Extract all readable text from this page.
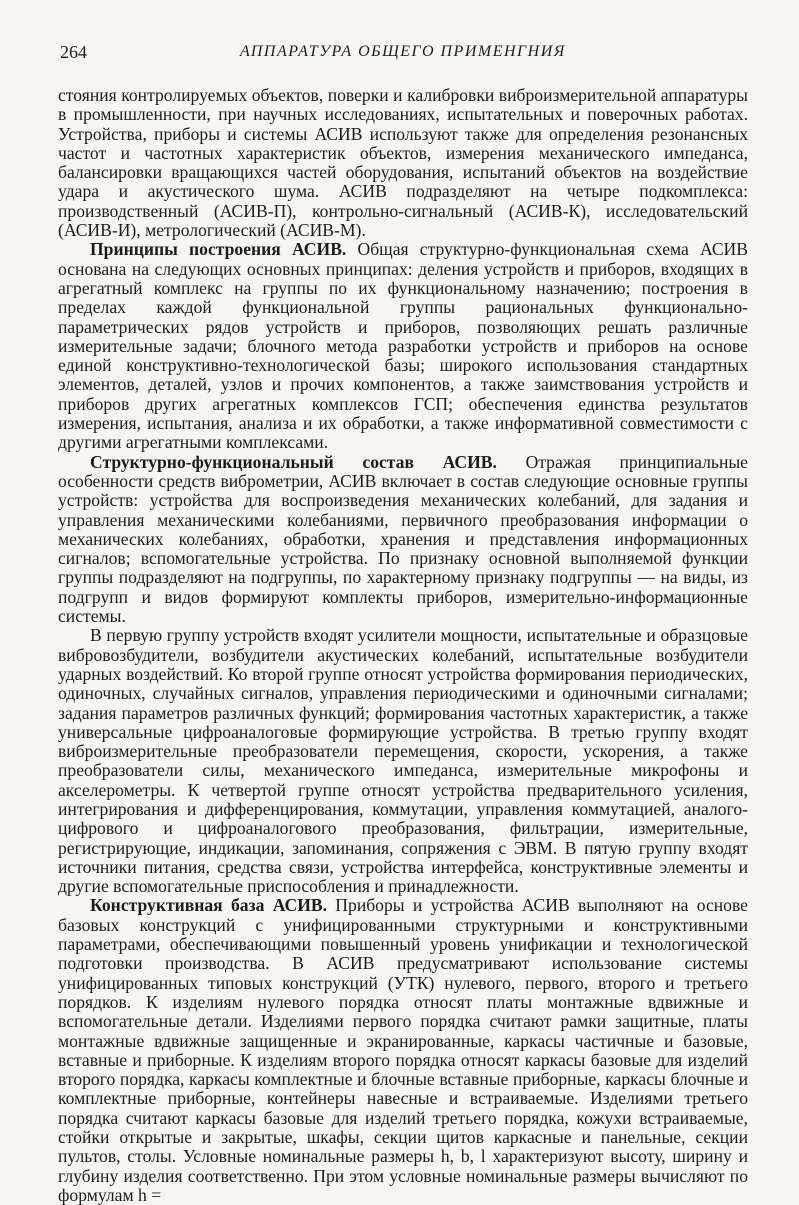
264	АППАРАТУРА ОБЩЕГО ПРИМЕНГНИЯ

стояния контролируемых объектов, поверки и калибровки виброизмерительной аппаратуры в промышленности, при научных исследованиях, испытательных и поверочных работах. Устройства, приборы и системы АСИВ используют также для определения резонансных частот и частотных характеристик объектов, измерения механического импеданса, балансировки вращающихся частей оборудования, испытаний объектов на воздействие удара и акустического шума. АСИВ подразделяют на четыре подкомплекса: производственный (АСИВ-П), контрольно-сигнальный (АСИВ-К), исследовательский (АСИВ-И), метрологический (АСИВ-М).

Принципы построения АСИВ. Общая структурно-функциональная схема АСИВ основана на следующих основных принципах: деления устройств и приборов, входящих в агрегатный комплекс на группы по их функциональному назначению; построения в пределах каждой функциональной группы рациональных функционально-параметрических рядов устройств и приборов, позволяющих решать различные измерительные задачи; блочного метода разработки устройств и приборов на основе единой конструктивно-технологической базы; широкого использования стандартных элементов, деталей, узлов и прочих компонентов, а также заимствования устройств и приборов других агрегатных комплексов ГСП; обеспечения единства результатов измерения, испытания, анализа и их обработки, а также информативной совместимости с другими агрегатными комплексами.

Структурно-функциональный состав АСИВ. Отражая принципиальные особенности средств виброметрии, АСИВ включает в состав следующие основные группы устройств: устройства для воспроизведения механических колебаний, для задания и управления механическими колебаниями, первичного преобразования информации о механических колебаниях, обработки, хранения и представления информационных сигналов; вспомогательные устройства. По признаку основной выполняемой функции группы подразделяют на подгруппы, по характерному признаку подгруппы — на виды, из подгрупп и видов формируют комплекты приборов, измерительно-информационные системы.

В первую группу устройств входят усилители мощности, испытательные и образцовые вибровозбудители, возбудители акустических колебаний, испытательные возбудители ударных воздействий. Ко второй группе относят устройства формирования периодических, одиночных, случайных сигналов, управления периодическими и одиночными сигналами; задания параметров различных функций; формирования частотных характеристик, а также универсальные цифроаналоговые формирующие устройства. В третью группу входят виброизмерительные преобразователи перемещения, скорости, ускорения, а также преобразователи силы, механического импеданса, измерительные микрофоны и акселерометры. К четвертой группе относят устройства предварительного усиления, интегрирования и дифференцирования, коммутации, управления коммутацией, аналого-цифрового и цифроаналогового преобразования, фильтрации, измерительные, регистрирующие, индикации, запоминания, сопряжения с ЭВМ. В пятую группу входят источники питания, средства связи, устройства интерфейса, конструктивные элементы и другие вспомогательные приспособления и принадлежности.

Конструктивная база АСИВ. Приборы и устройства АСИВ выполняют на основе базовых конструкций с унифицированными структурными и конструктивными параметрами, обеспечивающими повышенный уровень унификации и технологической подготовки производства. В АСИВ предусматривают использование системы унифицированных типовых конструкций (УТК) нулевого, первого, второго и третьего порядков. К изделиям нулевого порядка относят платы монтажные вдвижные и вспомогательные детали. Изделиями первого порядка считают рамки защитные, платы монтажные вдвижные защищенные и экранированные, каркасы частичные и базовые, вставные и приборные. К изделиям второго порядка относят каркасы базовые для изделий второго порядка, каркасы комплектные и блочные вставные приборные, каркасы блочные и комплектные приборные, контейнеры навесные и встраиваемые. Изделиями третьего порядка считают каркасы базовые для изделий третьего порядка, кожухи встраиваемые, стойки открытые и закрытые, шкафы, секции щитов каркасные и панельные, секции пультов, столы. Условные номинальные размеры h, b, l характеризуют высоту, ширину и глубину изделия соответственно. При этом условные номинальные размеры вычисляют по формулам h =
